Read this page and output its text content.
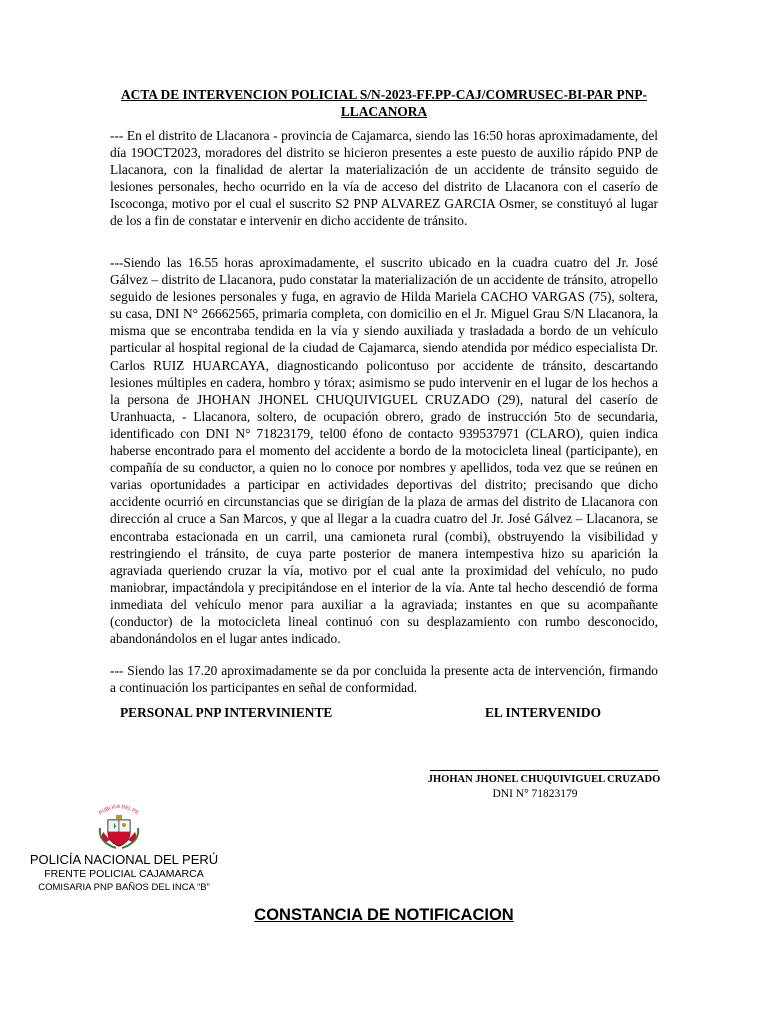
ACTA DE INTERVENCION POLICIAL S/N-2023-FF.PP-CAJ/COMRUSEC-BI-PAR PNP-LLACANORA

--- En el distrito de Llacanora - provincia de Cajamarca, siendo las 16:50 horas aproximadamente, del día 19OCT2023, moradores del distrito se hicieron presentes a este puesto de auxilio rápido PNP de Llacanora, con la finalidad de alertar la materialización de un accidente de tránsito seguido de lesiones personales, hecho ocurrido en la vía de acceso del distrito de Llacanora con el caserío de Iscoconga, motivo por el cual el suscrito S2 PNP ALVAREZ GARCIA Osmer, se constituyó al lugar de los a fin de constatar e intervenir en dicho accidente de tránsito.

---Siendo las 16.55 horas aproximadamente, el suscrito ubicado en la cuadra cuatro del Jr. José Gálvez – distrito de Llacanora, pudo constatar la materialización de un accidente de tránsito, atropello seguido de lesiones personales y fuga, en agravio de Hilda Mariela CACHO VARGAS (75), soltera, su casa, DNI N° 26662565, primaria completa, con domicilio en el Jr. Miguel Grau S/N Llacanora, la misma que se encontraba tendida en la vía y siendo auxiliada y trasladada a bordo de un vehículo particular al hospital regional de la ciudad de Cajamarca, siendo atendida por médico especialista Dr. Carlos RUIZ HUARCAYA, diagnosticando policontuso por accidente de tránsito, descartando lesiones múltiples en cadera, hombro y tórax; asimismo se pudo intervenir en el lugar de los hechos a la persona de JHOHAN JHONEL CHUQUIVIGUEL CRUZADO (29), natural del caserío de Uranhuacta, - Llacanora, soltero, de ocupación obrero, grado de instrucción 5to de secundaria, identificado con DNI N° 71823179, tel00 éfono de contacto 939537971 (CLARO), quien indica haberse encontrado para el momento del accidente a bordo de la motocicleta lineal (participante), en compañía de su conductor, a quien no lo conoce por nombres y apellidos, toda vez que se reúnen en varias oportunidades a participar en actividades deportivas del distrito; precisando que dicho accidente ocurrió en circunstancias que se dirigían de la plaza de armas del distrito de Llacanora con dirección al cruce a San Marcos, y que al llegar a la cuadra cuatro del Jr. José Gálvez – Llacanora, se encontraba estacionada en un carril, una camioneta rural (combi), obstruyendo la visibilidad y restringiendo el tránsito, de cuya parte posterior de manera intempestiva hizo su aparición la agraviada queriendo cruzar la vía, motivo por el cual ante la proximidad del vehículo, no pudo maniobrar, impactándola y precipitándose en el interior de la vía. Ante tal hecho descendió de forma inmediata del vehículo menor para auxiliar a la agraviada; instantes en que su acompañante (conductor) de la motocicleta lineal continuó con su desplazamiento con rumbo desconocido, abandonándolos en el lugar antes indicado.

--- Siendo las 17.20 aproximadamente se da por concluida la presente acta de intervención, firmando a continuación los participantes en señal de conformidad.

PERSONAL PNP INTERVINIENTE	EL INTERVENIDO

JHOHAN JHONEL CHUQUIVIGUEL CRUZADO

DNI N° 71823179

PÚBLICA DEL PE

POLICÍA NACIONAL DEL PERÚ

FRENTE POLICIAL CAJAMARCA

COMISARIA PNP BAÑOS DEL INCA “B”

CONSTANCIA DE NOTIFICACION
